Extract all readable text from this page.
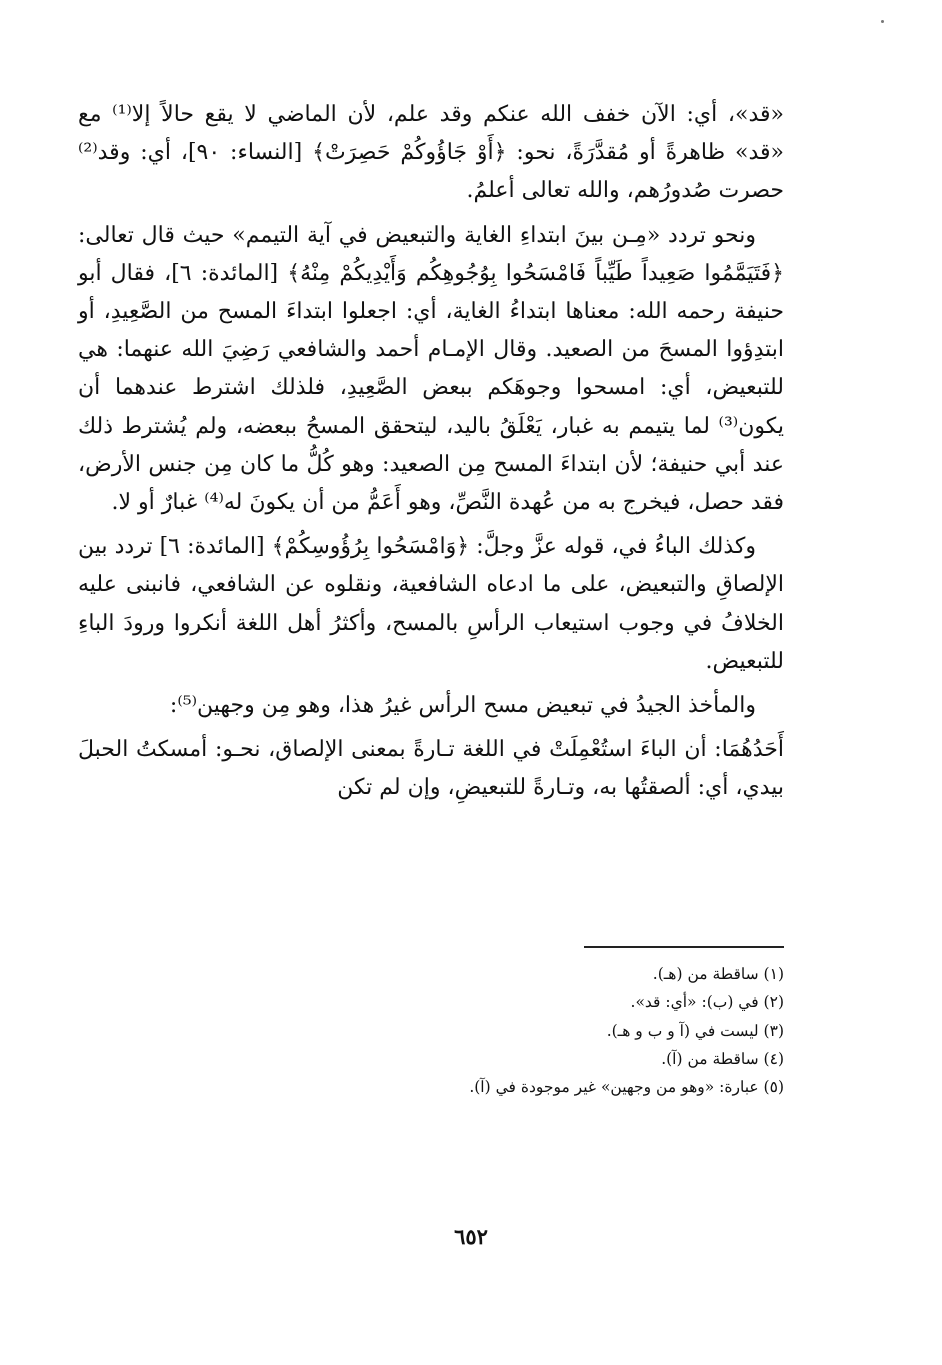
«قد»، أي: الآن خفف الله عنكم وقد علم، لأن الماضي لا يقع حالاً إلا⁽¹⁾ مع «قد» ظاهرةً أو مُقدَّرَةً، نحو: ﴿أَوْ جَاؤُوكُمْ حَصِرَتْ﴾ [النساء: ٩٠]، أي: وقد⁽²⁾ حصرت صُدورُهم، والله تعالى أعلمُ.

ونحو تردد «مِـن بينَ ابتداءِ الغاية والتبعيض في آية التيمم» حيث قال تعالى: ﴿فَتَيَمَّمُوا صَعِيداً طَيِّباً فَامْسَحُوا بِوُجُوهِكُم وَأَيْدِيكُمْ مِنْهُ﴾ [المائدة: ٦]، فقال أبو حنيفة رحمه الله: معناها ابتداءُ الغاية، أي: اجعلوا ابتداءَ المسح من الصَّعِيدِ، أو ابتدِؤوا المسحَ من الصعيد. وقال الإمـام أحمد والشافعي رَضِيَ الله عنهما: هي للتبعيض، أي: امسحوا وجوهَكم ببعض الصَّعِيدِ، فلذلك اشترط عندهما أن يكون⁽³⁾ لما يتيمم به غبار، يَعْلَقُ باليد، ليتحقق المسحُ ببعضه، ولم يُشترط ذلك عند أبي حنيفة؛ لأن ابتداءَ المسح مِن الصعيد: وهو كُلُّ ما كان مِن جنس الأرض، فقد حصل، فيخرج به من عُهدة النَّصِّ، وهو أَعَمُّ من أن يكونَ له⁽⁴⁾ غبارٌ أو لا.

وكذلك الباءُ في، قوله عزَّ وجلَّ: ﴿وَامْسَحُوا بِرُؤُوسِكُمْ﴾ [المائدة: ٦] تردد بين الإلصاقِ والتبعيض، على ما ادعاه الشافعية، ونقلوه عن الشافعي، فانبنى عليه الخلافُ في وجوب استيعاب الرأسِ بالمسح، وأكثرُ أهل اللغة أنكروا ورودَ الباءِ للتبعيض.

والمأخذ الجيدُ في تبعيض مسح الرأس غيرُ هذا، وهو مِن وجهين⁽⁵⁾:

أَحَدُهُمَا: أن الباءَ استُعْمِلَتْ في اللغة تـارةً بمعنى الإلصاق، نحـو: أمسكتُ الحبلَ بيدي، أي: ألصقتُها به، وتـارةً للتبعيضِ، وإن لم تكن

(١) ساقطة من (هـ).
(٢) في (ب): «أي: قد».
(٣) ليست في (آ و ب و هـ).
(٤) ساقطة من (آ).
(٥) عبارة: «وهو من وجهين» غير موجودة في (آ).
٦٥٢
